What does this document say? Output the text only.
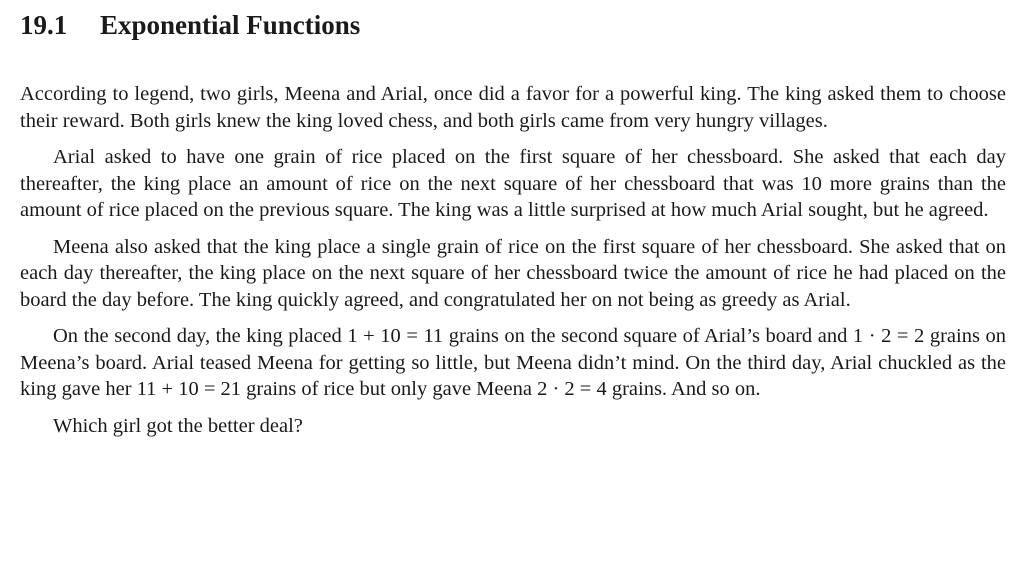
19.1 Exponential Functions

According to legend, two girls, Meena and Arial, once did a favor for a powerful king. The king asked them to choose their reward. Both girls knew the king loved chess, and both girls came from very hungry villages.

Arial asked to have one grain of rice placed on the first square of her chessboard. She asked that each day thereafter, the king place an amount of rice on the next square of her chessboard that was 10 more grains than the amount of rice placed on the previous square. The king was a little surprised at how much Arial sought, but he agreed.

Meena also asked that the king place a single grain of rice on the first square of her chessboard. She asked that on each day thereafter, the king place on the next square of her chessboard twice the amount of rice he had placed on the board the day before. The king quickly agreed, and congratulated her on not being as greedy as Arial.

On the second day, the king placed 1 + 10 = 11 grains on the second square of Arial’s board and 1 · 2 = 2 grains on Meena’s board. Arial teased Meena for getting so little, but Meena didn’t mind. On the third day, Arial chuckled as the king gave her 11 + 10 = 21 grains of rice but only gave Meena 2 · 2 = 4 grains. And so on.

Which girl got the better deal?
